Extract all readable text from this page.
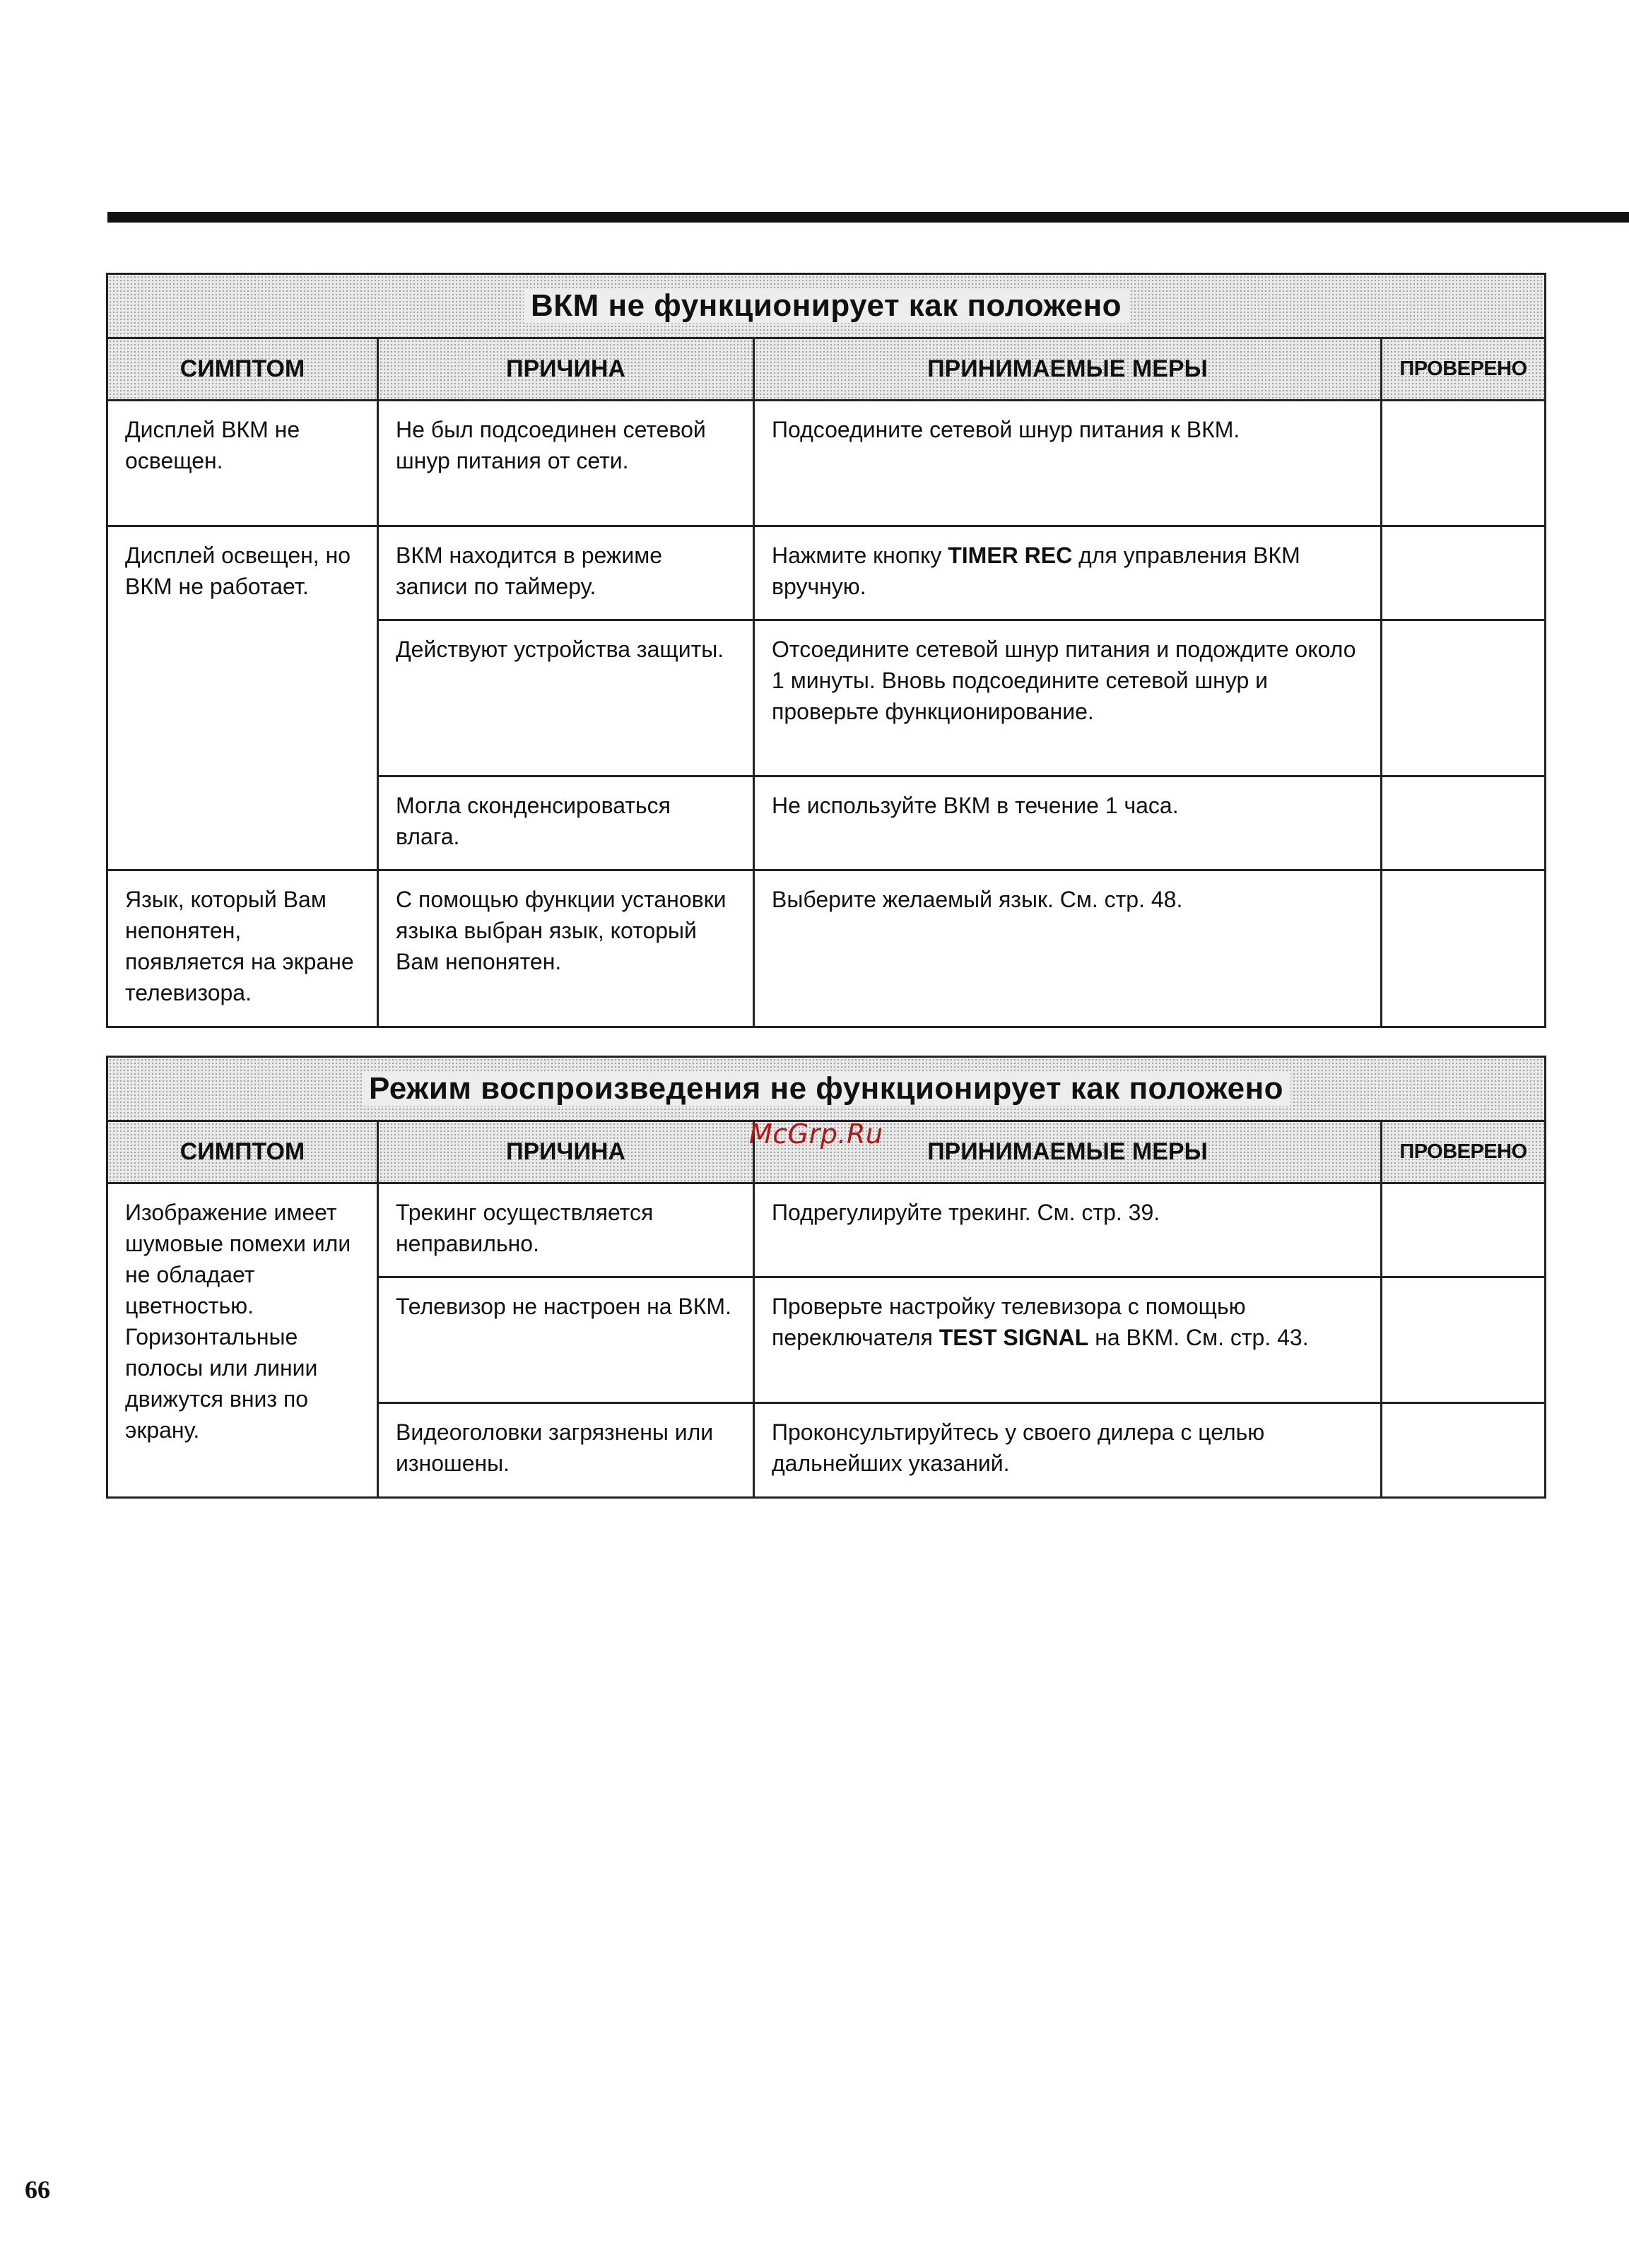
ВКМ не функционирует как положено			
СИМПТОМ	ПРИЧИНА	ПРИНИМАЕМЫЕ МЕРЫ	ПРОВЕРЕНО
Дисплей ВКМ не освещен.	Не был подсоединен сетевой шнур питания от сети.	Подсоедините сетевой шнур питания к ВКМ.	
Дисплей освещен, но ВКМ не работает.	ВКМ находится в режиме записи по таймеру.	Нажмите кнопку TIMER REC для управления ВКМ вручную.	
	Действуют устройства защиты.	Отсоедините сетевой шнур питания и подождите около 1 минуты. Вновь подсоедините сетевой шнур и проверьте функционирование.	
	Могла сконденсироваться влага.	Не используйте ВКМ в течение 1 часа.	
Язык, который Вам непонятен, появляется на экране телевизора.	С помощью функции установки языка выбран язык, который Вам непонятен.	Выберите желаемый язык. См. стр. 48.	
Режим воспроизведения не функционирует как положено			
СИМПТОМ	ПРИЧИНА	ПРИНИМАЕМЫЕ МЕРЫ	ПРОВЕРЕНО
Изображение имеет шумовые помехи или не обладает цветностью. Горизонтальные полосы или линии движутся вниз по экрану.	Трекинг осуществляется неправильно.	Подрегулируйте трекинг. См. стр. 39.	
	Телевизор не настроен на ВКМ.	Проверьте настройку телевизора с помощью переключателя TEST SIGNAL на ВКМ. См. стр. 43.	
	Видеоголовки загрязнены или изношены.	Проконсультируйтесь у своего дилера с целью дальнейших указаний.	
McGrp.Ru
66
